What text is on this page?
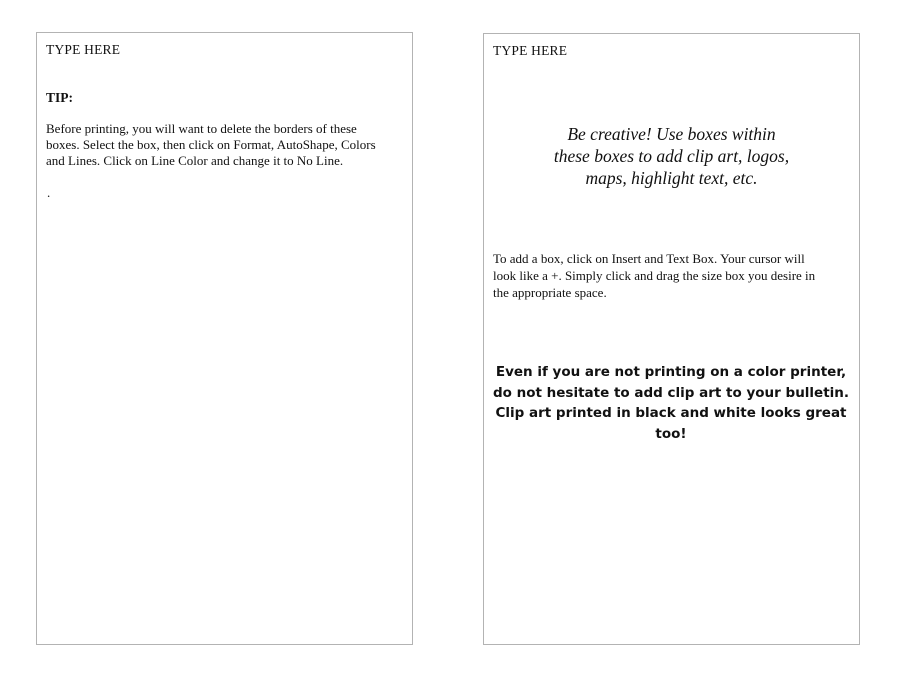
TYPE HERE
TIP:
Before printing, you will want to delete the borders of these
boxes. Select the box, then click on Format, AutoShape, Colors
and Lines. Click on Line Color and change it to No Line.
.
TYPE HERE
Be creative! Use boxes within
these boxes to add clip art, logos,
maps, highlight text, etc.
To add a box, click on Insert and Text Box. Your cursor will
look like a +. Simply click and drag the size box you desire in
the appropriate space.
Even if you are not printing on a color printer,
do not hesitate to add clip art to your bulletin.
Clip art printed in black and white looks great
too!
